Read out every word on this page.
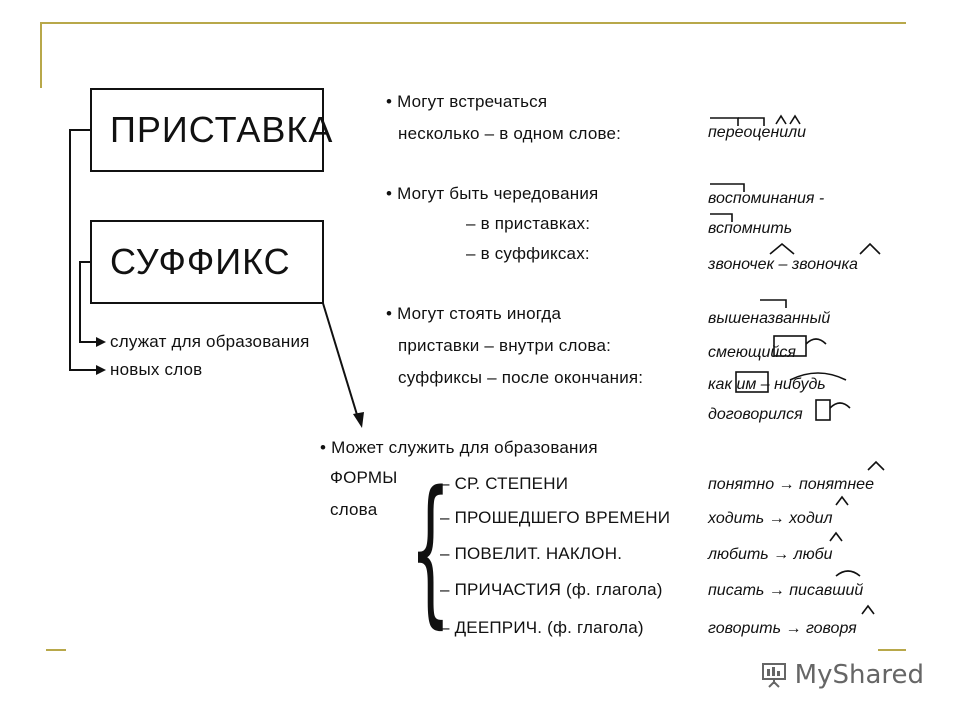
ПРИСТАВКА
СУФФИКС
служат для образования
новых слов
• Могут встречаться
несколько – в одном слове:	переоценили
• Могут быть чередования
– в приставках:
– в суффиксах:
воспоминания -
вспомнить
звоночек – звоночка
• Могут стоять иногда
приставки – внутри слова:
суффиксы – после окончания:
вышеназванный
смеющийся
как им – нибудь
договорился
• Может служить для образования
ФОРМЫ
слова {
– СР. СТЕПЕНИ	понятно → понятнее
– ПРОШЕДШЕГО ВРЕМЕНИ ходить → ходил
– ПОВЕЛИТ. НАКЛОН.	любить → люби
– ПРИЧАСТИЯ (ф. глагола)	писать → писавший
– ДЕЕПРИЧ. (ф. глагола)	говорить → говоря
MyShared
